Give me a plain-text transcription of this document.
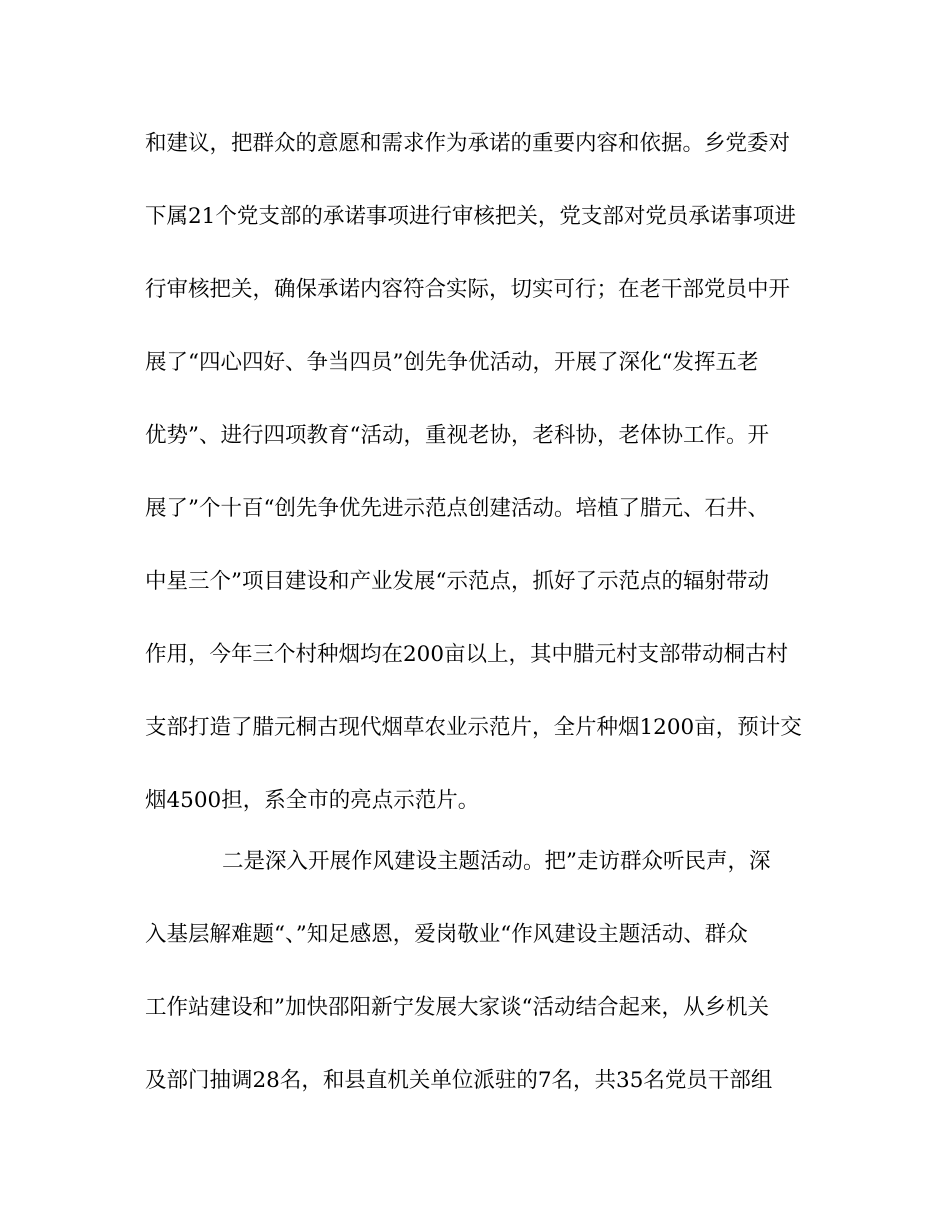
和建议，把群众的意愿和需求作为承诺的重要内容和依据。乡党委对
下属21个党支部的承诺事项进行审核把关，党支部对党员承诺事项进
行审核把关，确保承诺内容符合实际，切实可行；在老干部党员中开
展了“四心四好、争当四员”创先争优活动，开展了深化“发挥五老
优势”、进行四项教育“活动，重视老协，老科协，老体协工作。开
展了”个十百“创先争优先进示范点创建活动。培植了腊元、石井、
中星三个”项目建设和产业发展“示范点，抓好了示范点的辐射带动
作用，今年三个村种烟均在200亩以上，其中腊元村支部带动桐古村
支部打造了腊元桐古现代烟草农业示范片，全片种烟1200亩，预计交
烟4500担，系全市的亮点示范片。
二是深入开展作风建设主题活动。把”走访群众听民声，深
入基层解难题“、”知足感恩，爱岗敬业“作风建设主题活动、群众
工作站建设和”加快邵阳新宁发展大家谈“活动结合起来，从乡机关
及部门抽调28名，和县直机关单位派驻的7名，共35名党员干部组
